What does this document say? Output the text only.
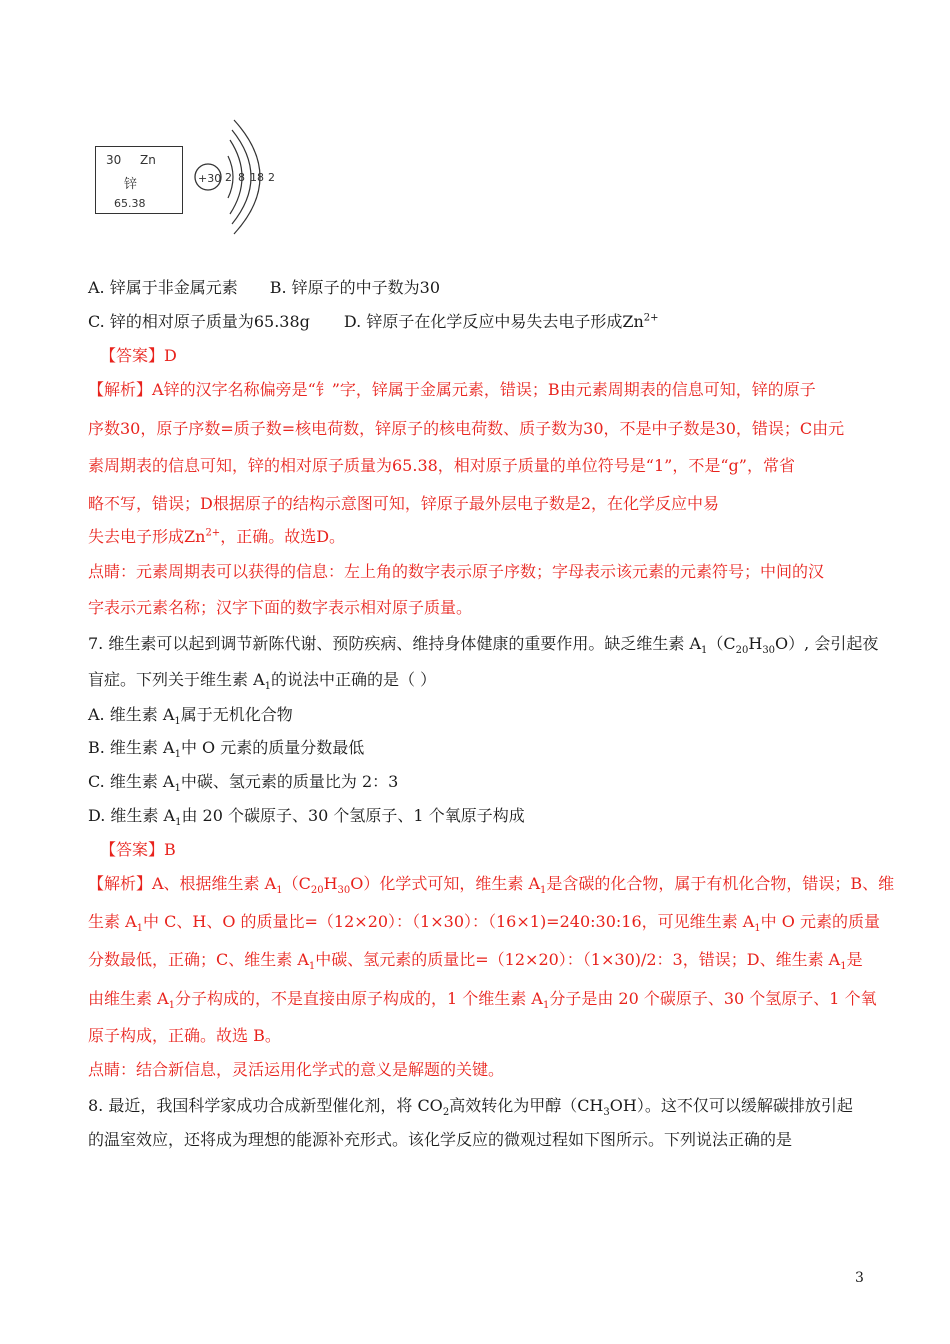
30 Zn
锌
65.38
+30 2 8 18 2
A. 锌属于非金属元素 B. 锌原子的中子数为30
C. 锌的相对原子质量为65.38g D. 锌原子在化学反应中易失去电子形成$Zn^{2+}$
【答案】D
【解析】A锌的汉字名称偏旁是“钅”字，锌属于金属元素，错误；B由元素周期表的信息可知，锌的原子
序数30，原子序数=质子数=核电荷数，锌原子的核电荷数、质子数为30，不是中子数是30，错误；C由元
素周期表的信息可知，锌的相对原子质量为65.38，相对原子质量的单位符号是“1”，不是“g”，常省
略不写，错误；D根据原子的结构示意图可知，锌原子最外层电子数是2，在化学反应中易
失去电子形成$Zn^{2+}$，正确。故选D。
点睛：元素周期表可以获得的信息：左上角的数字表示原子序数；字母表示该元素的元素符号；中间的汉
字表示元素名称；汉字下面的数字表示相对原子质量。
7. 维生素可以起到调节新陈代谢、预防疾病、维持身体健康的重要作用。缺乏维生素 $A_1(C_{20}H_{30}O)$, 会引起夜
盲症。下列关于维生素 $A_1$的说法中正确的是（ ）
A. 维生素 $A_1$属于无机化合物
B. 维生素 $A_1$中 O 元素的质量分数最低
C. 维生素 $A_1$中碳、氢元素的质量比为 2：3
D. 维生素 $A_1$由 20 个碳原子、30 个氢原子、1 个氧原子构成
【答案】B
【解析】A、根据维生素 $A_1(C_{20}H_{30}O)$化学式可知，维生素 $A_1$是含碳的化合物，属于有机化合物，错误；B、维
生素 $A_1$中 C、H、O 的质量比=（12×20）：（1×30）：（16×1)=240:30:16，可见维生素 $A_1$中 O 元素的质量
分数最低，正确；C、维生素 $A_1$中碳、氢元素的质量比=（12×20）：（1×30)/2：3，错误；D、维生素 $A_1$是
由维生素 $A_1$分子构成的，不是直接由原子构成的，1 个维生素 $A_1$分子是由 20 个碳原子、30 个氢原子、1 个氧
原子构成，正确。故选 B。
点睛：结合新信息，灵活运用化学式的意义是解题的关键。
8. 最近，我国科学家成功合成新型催化剂，将 $CO_2$高效转化为甲醇$(CH_3OH)$。这不仅可以缓解碳排放引起
的温室效应，还将成为理想的能源补充形式。该化学反应的微观过程如下图所示。下列说法正确的是
3
